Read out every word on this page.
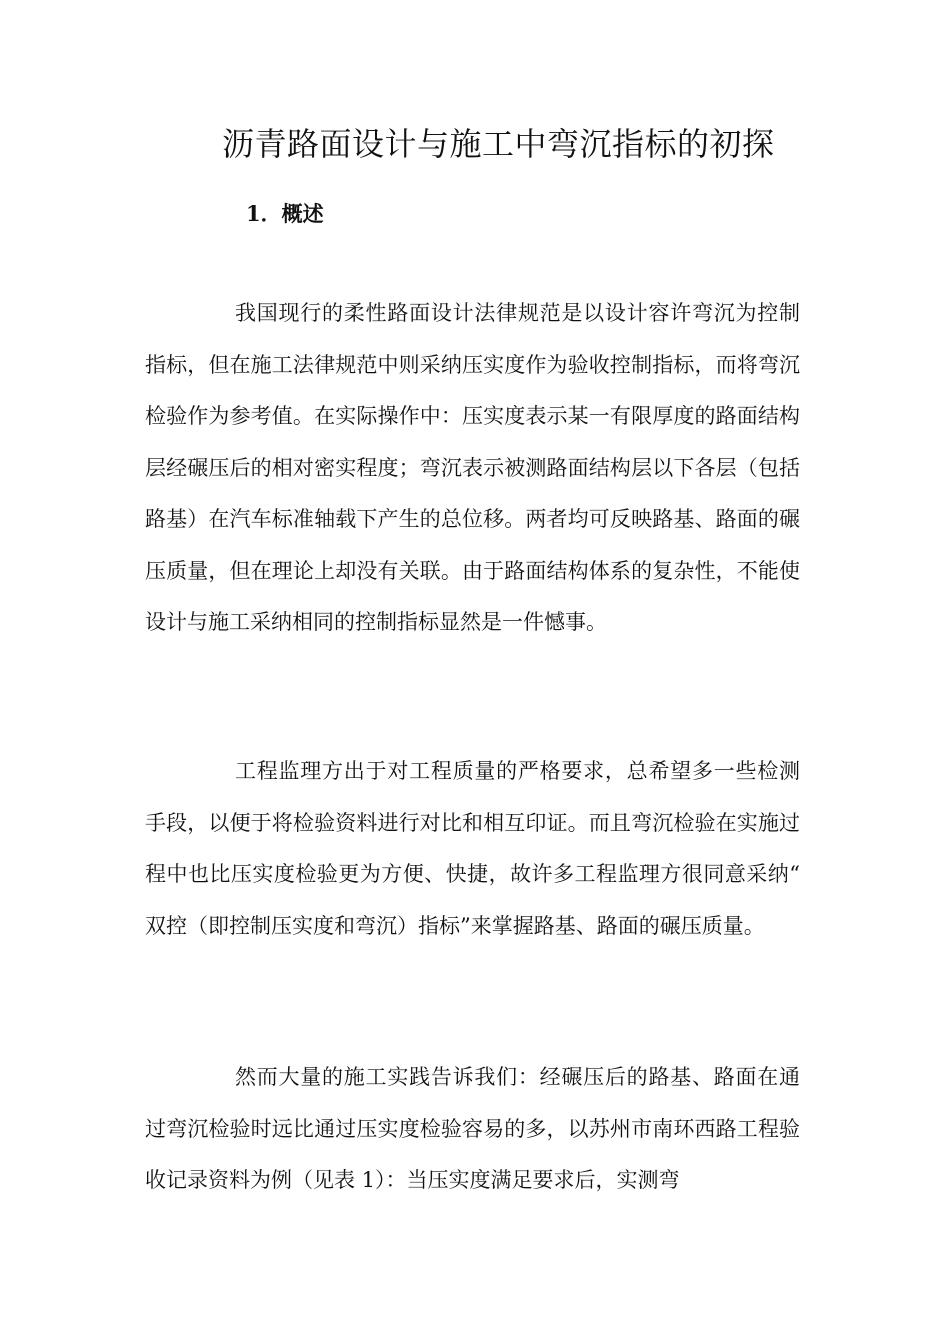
沥青路面设计与施工中弯沉指标的初探
1．概述

我国现行的柔性路面设计法律规范是以设计容许弯沉为控制指标，但在施工法律规范中则采纳压实度作为验收控制指标，而将弯沉检验作为参考值。在实际操作中：压实度表示某一有限厚度的路面结构层经碾压后的相对密实程度；弯沉表示被测路面结构层以下各层（包括路基）在汽车标准轴载下产生的总位移。两者均可反映路基、路面的碾压质量，但在理论上却没有关联。由于路面结构体系的复杂性，不能使设计与施工采纳相同的控制指标显然是一件憾事。

工程监理方出于对工程质量的严格要求，总希望多一些检测手段，以便于将检验资料进行对比和相互印证。而且弯沉检验在实施过程中也比压实度检验更为方便、快捷，故许多工程监理方很同意采纳“双控（即控制压实度和弯沉）指标”来掌握路基、路面的碾压质量。

然而大量的施工实践告诉我们：经碾压后的路基、路面在通过弯沉检验时远比通过压实度检验容易的多，以苏州市南环西路工程验收记录资料为例（见表 1）：当压实度满足要求后，实测弯
